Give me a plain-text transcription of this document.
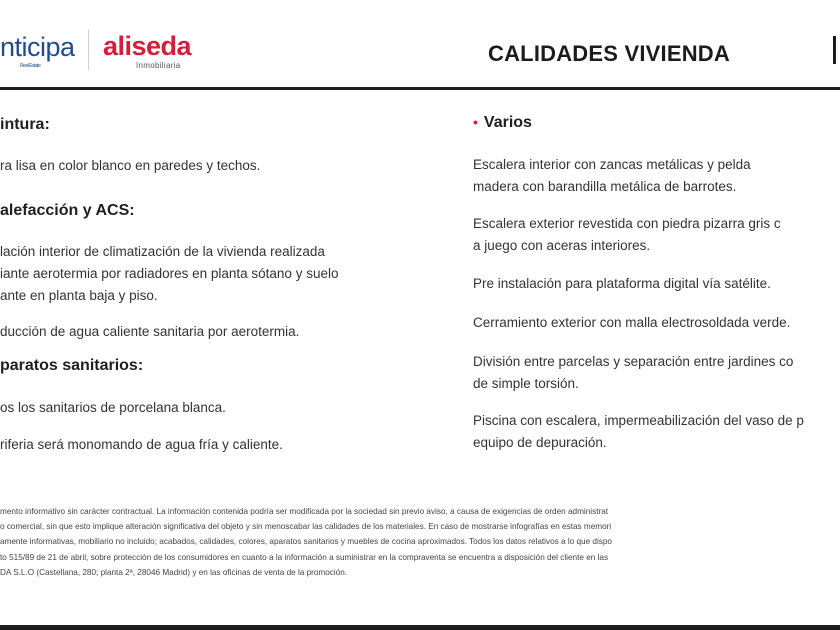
nticipa
Real Estate
aliseda
Inmobiliaria	CALIDADES VIVIENDA
intura:
ra lisa en color blanco en paredes y techos.
alefacción y ACS:
lación interior de climatización de la vivienda realizada
iante aerotermia por radiadores en planta sótano y suelo
ante en planta baja y piso.
ducción de agua caliente sanitaria por aerotermia.
paratos sanitarios:
os los sanitarios de porcelana blanca.
riferia será monomando de agua fría y caliente.
• Varios
Escalera interior con zancas metálicas y pelda
madera con barandilla metálica de barrotes.
Escalera exterior revestida con piedra pizarra gris c
a juego con aceras interiores.
Pre instalación para plataforma digital vía satélite.
Cerramiento exterior con malla electrosoldada verde.
División entre parcelas y separación entre jardines co
de simple torsión.
Piscina con escalera, impermeabilización del vaso de p
equipo de depuración.
mento informativo sin carácter contractual. La información contenida podría ser modificada por la sociedad sin previo aviso, a causa de exigencias de orden administrat
o comercial, sin que esto implique alteración significativa del objeto y sin menoscabar las calidades de los materiales. En caso de mostrarse infografías en estas memori
amente informativas, mobiliario no incluido; acabados, calidades, colores, aparatos sanitarios y muebles de cocina aproximados. Todos los datos relativos a lo que dispo
to 515/89 de 21 de abril, sobre protección de los consumidores en cuanto a la información a suministrar en la compraventa se encuentra a disposición del cliente en las
DA S.L.O (Castellana, 280; planta 2ª, 28046 Madrid) y en las oficinas de venta de la promoción.
